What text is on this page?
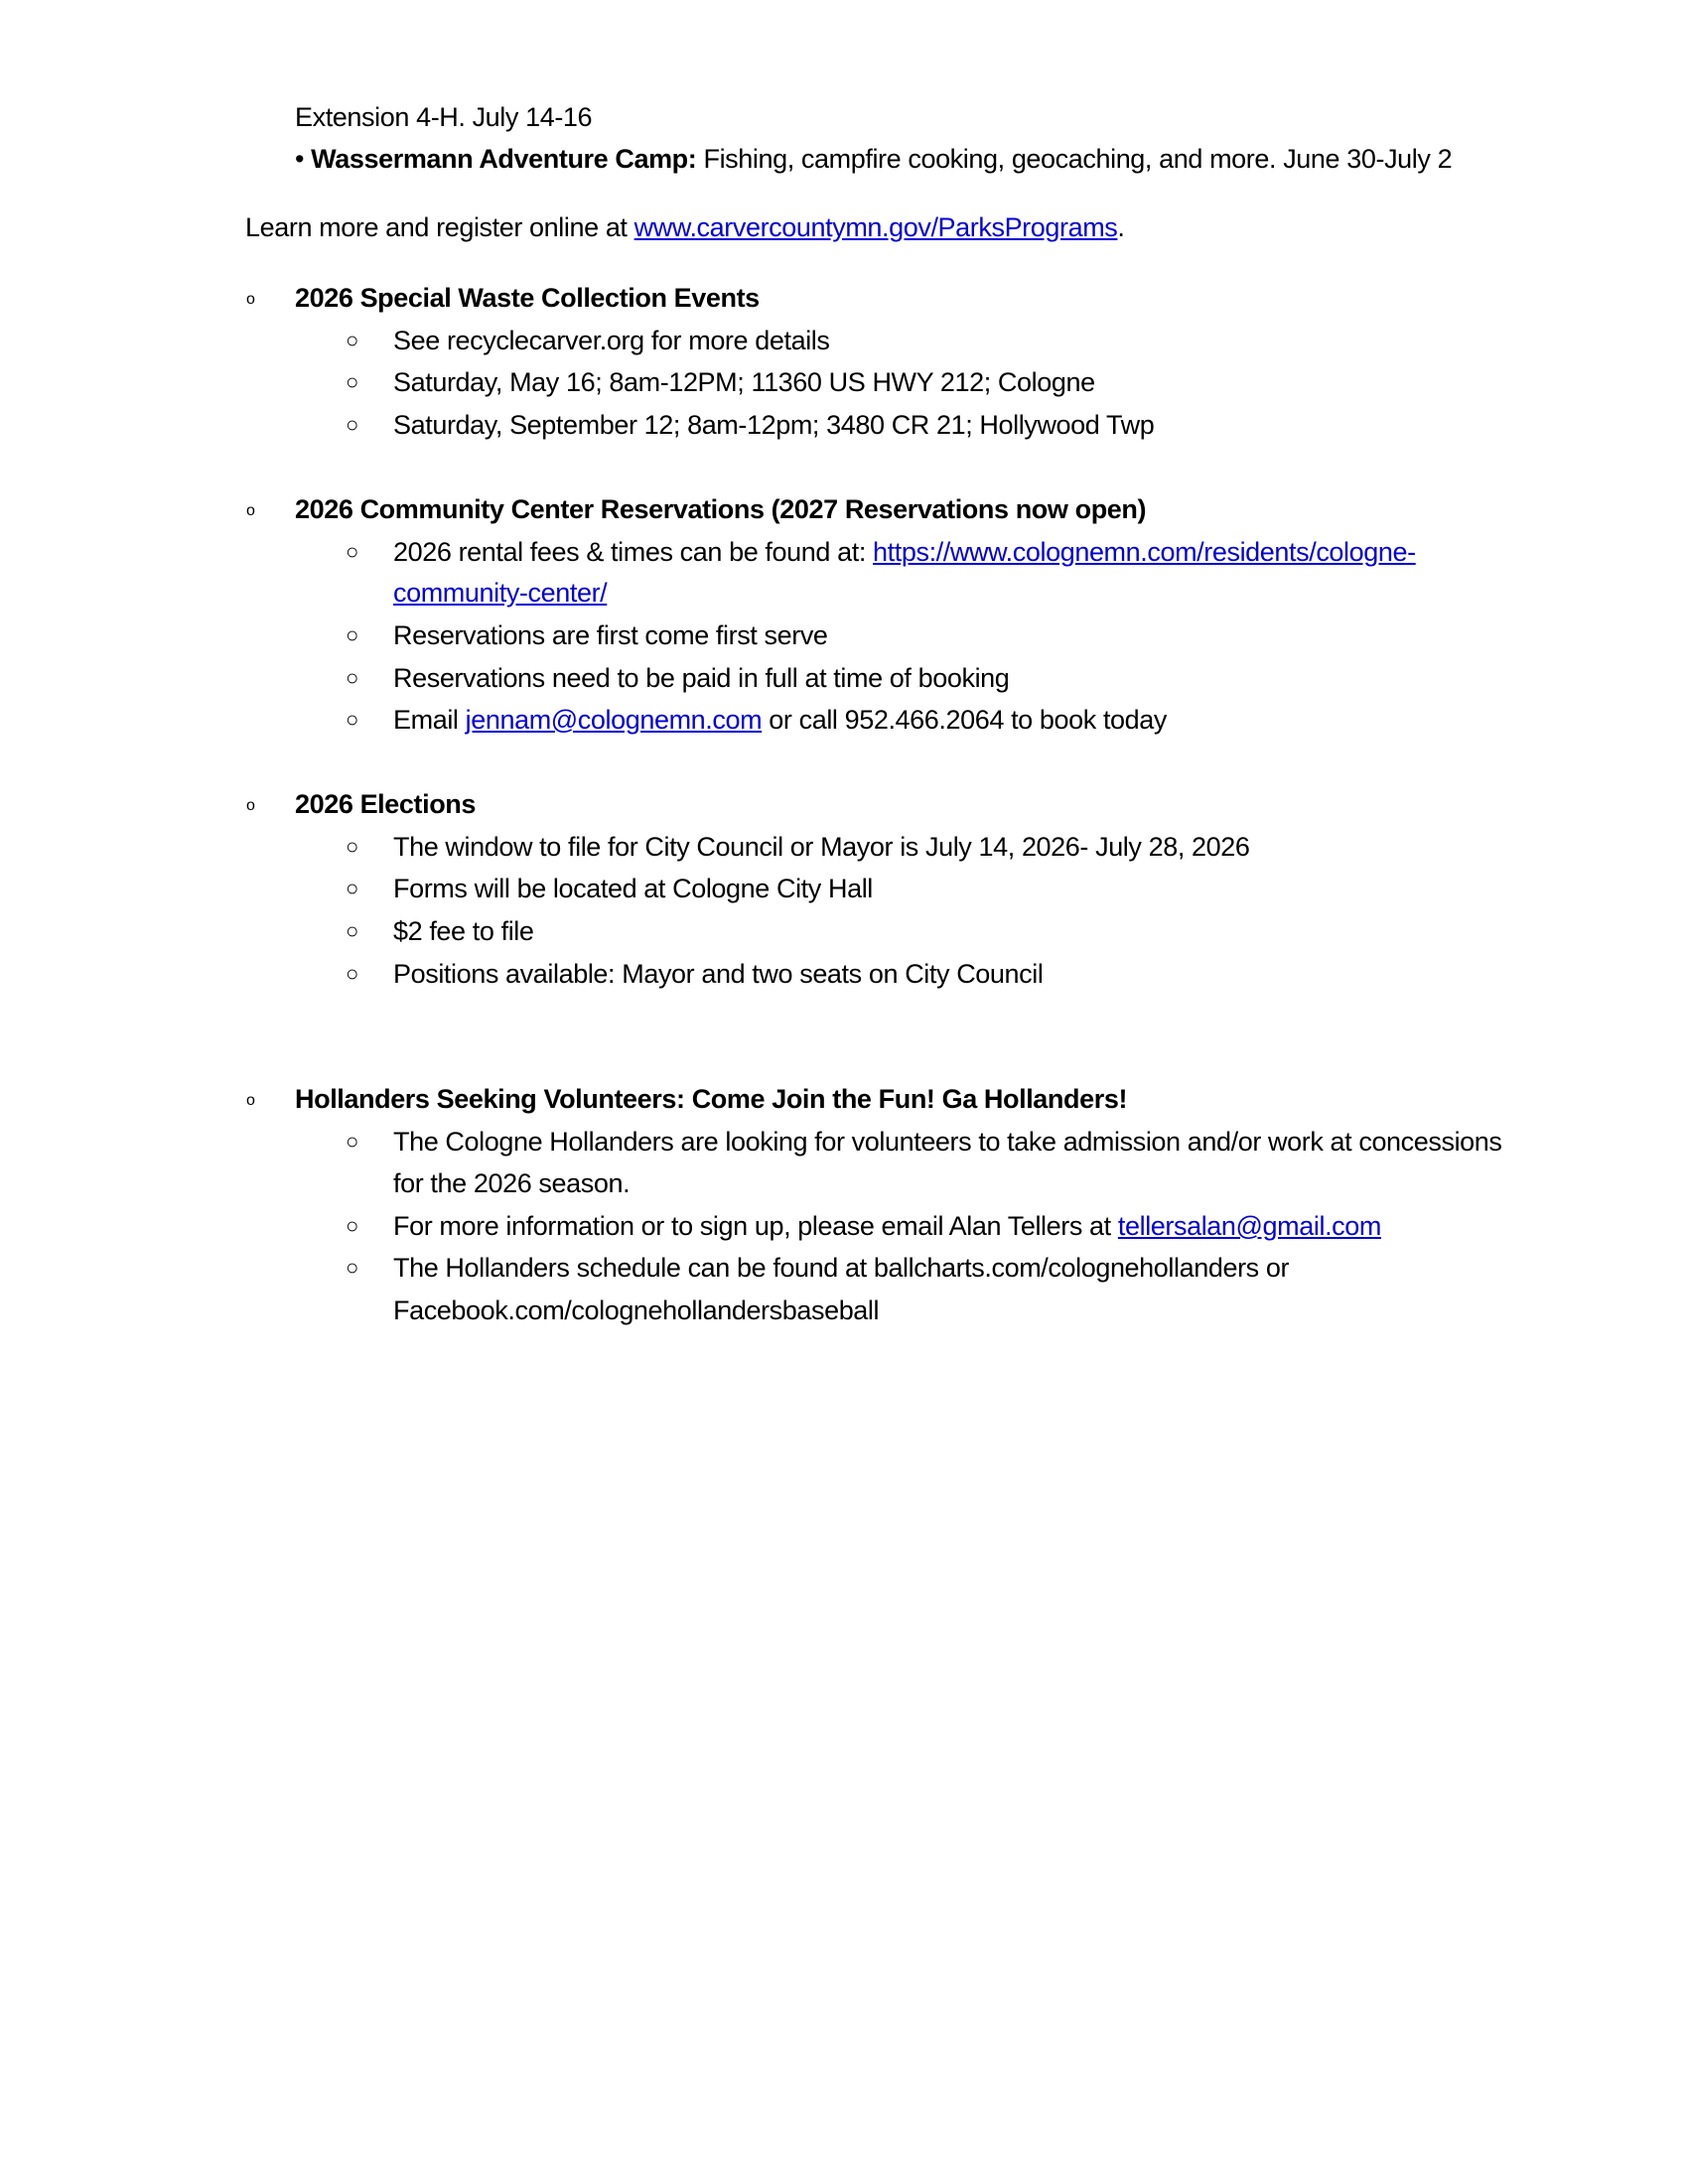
Extension 4-H. July 14-16
• Wassermann Adventure Camp: Fishing, campfire cooking, geocaching, and more. June 30-July 2
Learn more and register online at www.carvercountymn.gov/ParksPrograms.
o 2026 Special Waste Collection Events
○ See recyclecarver.org for more details
○ Saturday, May 16; 8am-12PM; 11360 US HWY 212; Cologne
○ Saturday, September 12; 8am-12pm; 3480 CR 21; Hollywood Twp
o 2026 Community Center Reservations (2027 Reservations now open)
○ 2026 rental fees & times can be found at: https://www.colognemn.com/residents/cologne-
community-center/
○ Reservations are first come first serve
○ Reservations need to be paid in full at time of booking
○ Email jennam@colognemn.com or call 952.466.2064 to book today
o 2026 Elections
○ The window to file for City Council or Mayor is July 14, 2026- July 28, 2026
○ Forms will be located at Cologne City Hall
○ $2 fee to file
○ Positions available: Mayor and two seats on City Council
o Hollanders Seeking Volunteers: Come Join the Fun! Ga Hollanders!
○ The Cologne Hollanders are looking for volunteers to take admission and/or work at concessions
for the 2026 season.
○ For more information or to sign up, please email Alan Tellers at tellersalan@gmail.com
○ The Hollanders schedule can be found at ballcharts.com/colognehollanders or
Facebook.com/colognehollandersbaseball
